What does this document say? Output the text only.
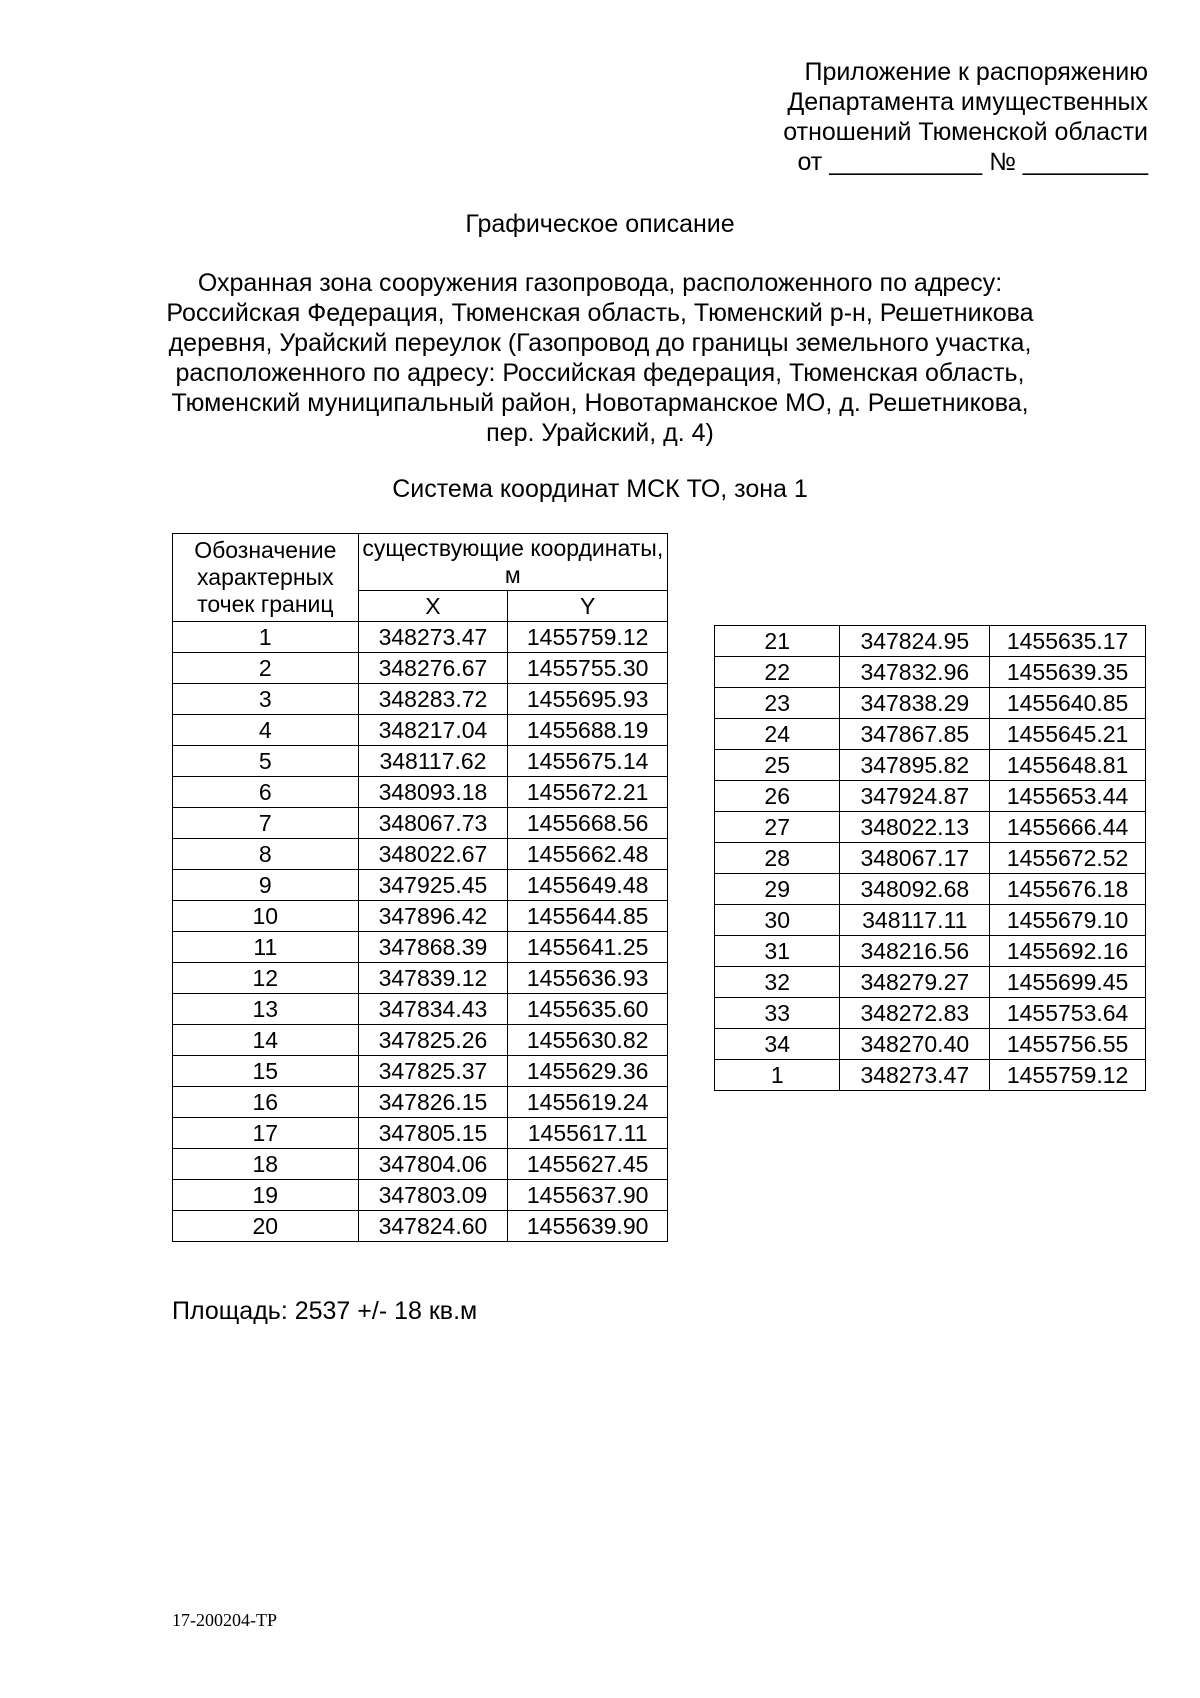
Приложение к распоряжению
Департамента имущественных
отношений Тюменской области
от ___________ № _________
Графическое описание
Охранная зона сооружения газопровода, расположенного по адресу:
Российская Федерация, Тюменская область, Тюменский р-н, Решетникова
деревня, Урайский переулок (Газопровод до границы земельного участка,
расположенного по адресу: Российская федерация, Тюменская область,
Тюменский муниципальный район, Новотарманское МО, д. Решетникова,
пер. Урайский, д. 4)
Система координат МСК ТО, зона 1
Обозначение характерных точек границ	существующие координаты, м	
	X	Y
1	348273.47	1455759.12
2	348276.67	1455755.30
3	348283.72	1455695.93
4	348217.04	1455688.19
5	348117.62	1455675.14
6	348093.18	1455672.21
7	348067.73	1455668.56
8	348022.67	1455662.48
9	347925.45	1455649.48
10	347896.42	1455644.85
11	347868.39	1455641.25
12	347839.12	1455636.93
13	347834.43	1455635.60
14	347825.26	1455630.82
15	347825.37	1455629.36
16	347826.15	1455619.24
17	347805.15	1455617.11
18	347804.06	1455627.45
19	347803.09	1455637.90
20	347824.60	1455639.90
21	347824.95	1455635.17
22	347832.96	1455639.35
23	347838.29	1455640.85
24	347867.85	1455645.21
25	347895.82	1455648.81
26	347924.87	1455653.44
27	348022.13	1455666.44
28	348067.17	1455672.52
29	348092.68	1455676.18
30	348117.11	1455679.10
31	348216.56	1455692.16
32	348279.27	1455699.45
33	348272.83	1455753.64
34	348270.40	1455756.55
1	348273.47	1455759.12
Площадь: 2537 +/- 18 кв.м
17-200204-TP
